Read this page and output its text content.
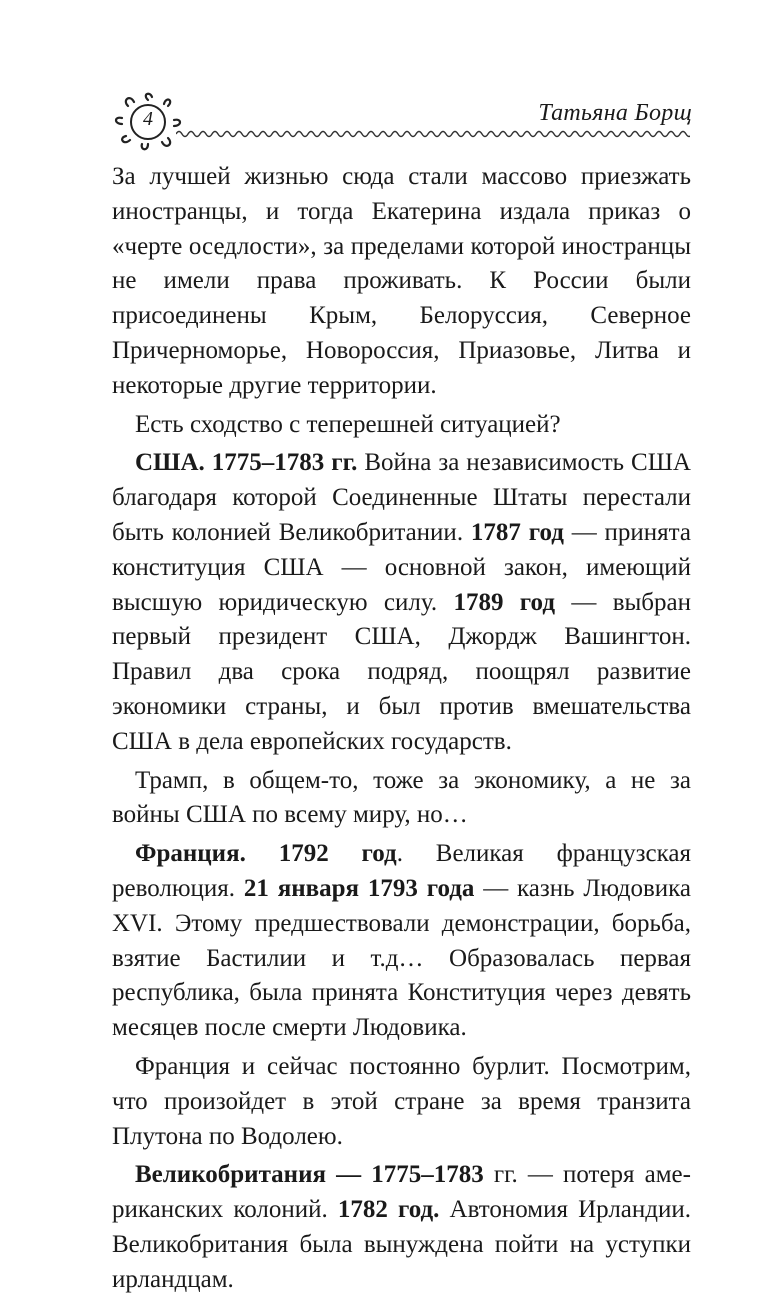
4	Татьяна Борщ

За лучшей жизнью сюда стали массово приезжать иностранцы, и тогда Екатерина издала приказ о «черте оседлости», за пределами которой иностранцы не имели права проживать. К России были присоединены Крым, Белоруссия, Северное Причерноморье, Новороссия, Приазовье, Литва и некоторые другие территории.

Есть сходство с теперешней ситуацией?

США. 1775–1783 гг. Война за независимость США благодаря которой Соединенные Штаты перестали быть колонией Великобритании. 1787 год — принята конституция США — основной закон, имеющий высшую юридическую силу. 1789 год — выбран первый президент США, Джордж Вашингтон. Правил два срока подряд, поощрял развитие экономики страны, и был против вмешательства США в дела европейских государств.

Трамп, в общем-то, тоже за экономику, а не за войны США по всему миру, но…

Франция. 1792 год. Великая французская революция. 21 января 1793 года — казнь Людовика XVI. Этому предшествовали демонстрации, борьба, взятие Бастилии и т.д… Образовалась первая республика, была принята Конституция через девять месяцев после смерти Людовика.

Франция и сейчас постоянно бурлит. Посмотрим, что произойдет в этой стране за время транзита Плутона по Водолею.

Великобритания — 1775–1783 гг. — потеря американских колоний. 1782 год. Автономия Ирландии. Великобритания была вынуждена пойти на уступки ирландцам.
